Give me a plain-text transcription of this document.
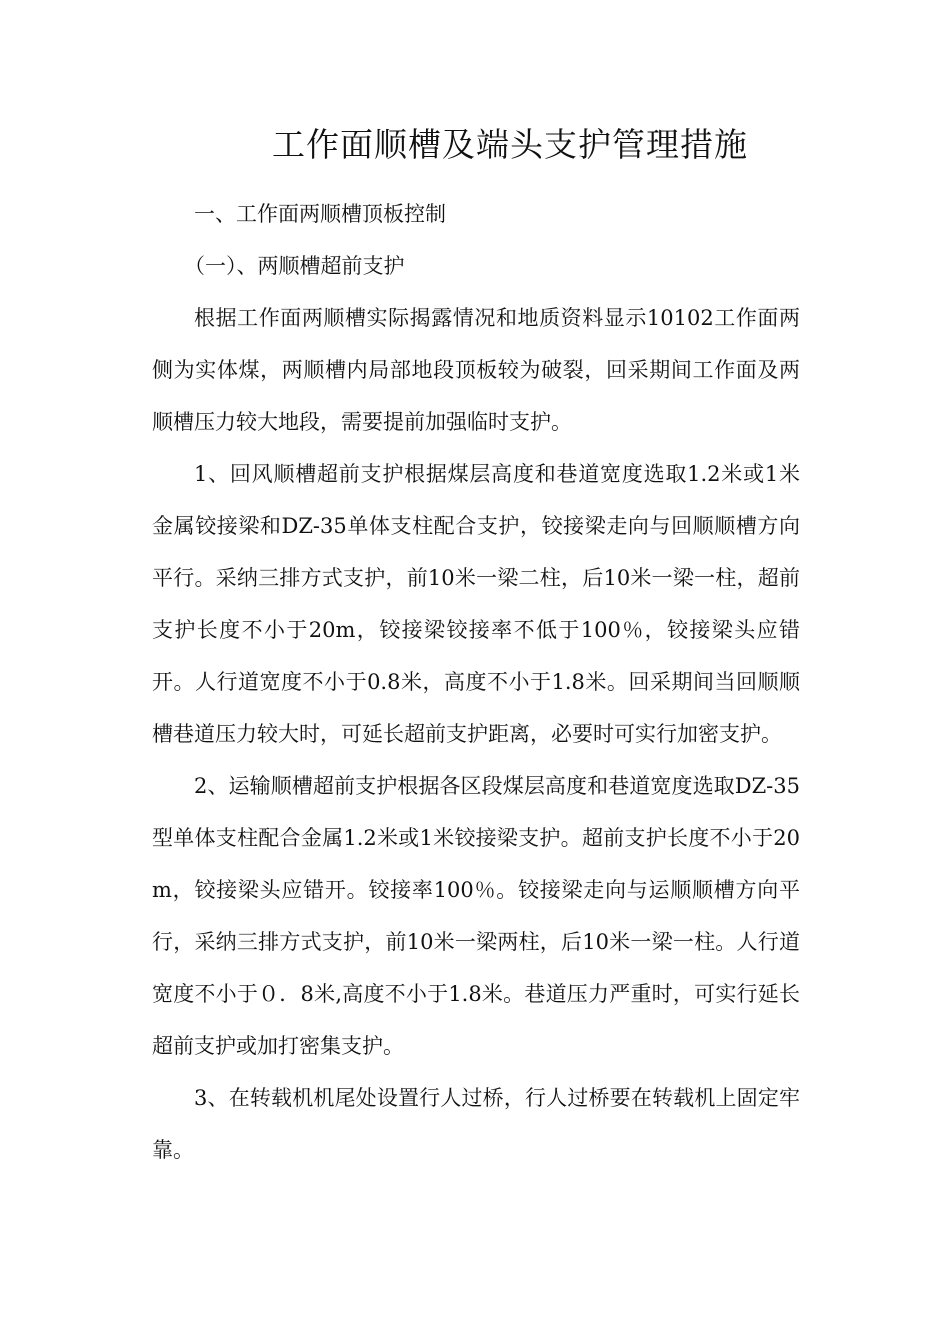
工作面顺槽及端头支护管理措施

一、工作面两顺槽顶板控制

（一）、两顺槽超前支护

根据工作面两顺槽实际揭露情况和地质资料显示10102工作面两侧为实体煤，两顺槽内局部地段顶板较为破裂，回采期间工作面及两顺槽压力较大地段，需要提前加强临时支护。

1、回风顺槽超前支护根据煤层高度和巷道宽度选取1.2米或1米金属铰接梁和DZ-35单体支柱配合支护，铰接梁走向与回顺顺槽方向平行。采纳三排方式支护，前10米一梁二柱，后10米一梁一柱，超前支护长度不小于20m，铰接梁铰接率不低于100％，铰接梁头应错开。人行道宽度不小于0.8米，高度不小于1.8米。回采期间当回顺顺槽巷道压力较大时，可延长超前支护距离，必要时可实行加密支护。

2、运输顺槽超前支护根据各区段煤层高度和巷道宽度选取DZ-35型单体支柱配合金属1.2米或1米铰接梁支护。超前支护长度不小于20m，铰接梁头应错开。铰接率100％。铰接梁走向与运顺顺槽方向平行，采纳三排方式支护，前10米一梁两柱，后10米一梁一柱。人行道宽度不小于０．8米,高度不小于1.8米。巷道压力严重时，可实行延长超前支护或加打密集支护。

3、在转载机机尾处设置行人过桥，行人过桥要在转载机上固定牢靠。
